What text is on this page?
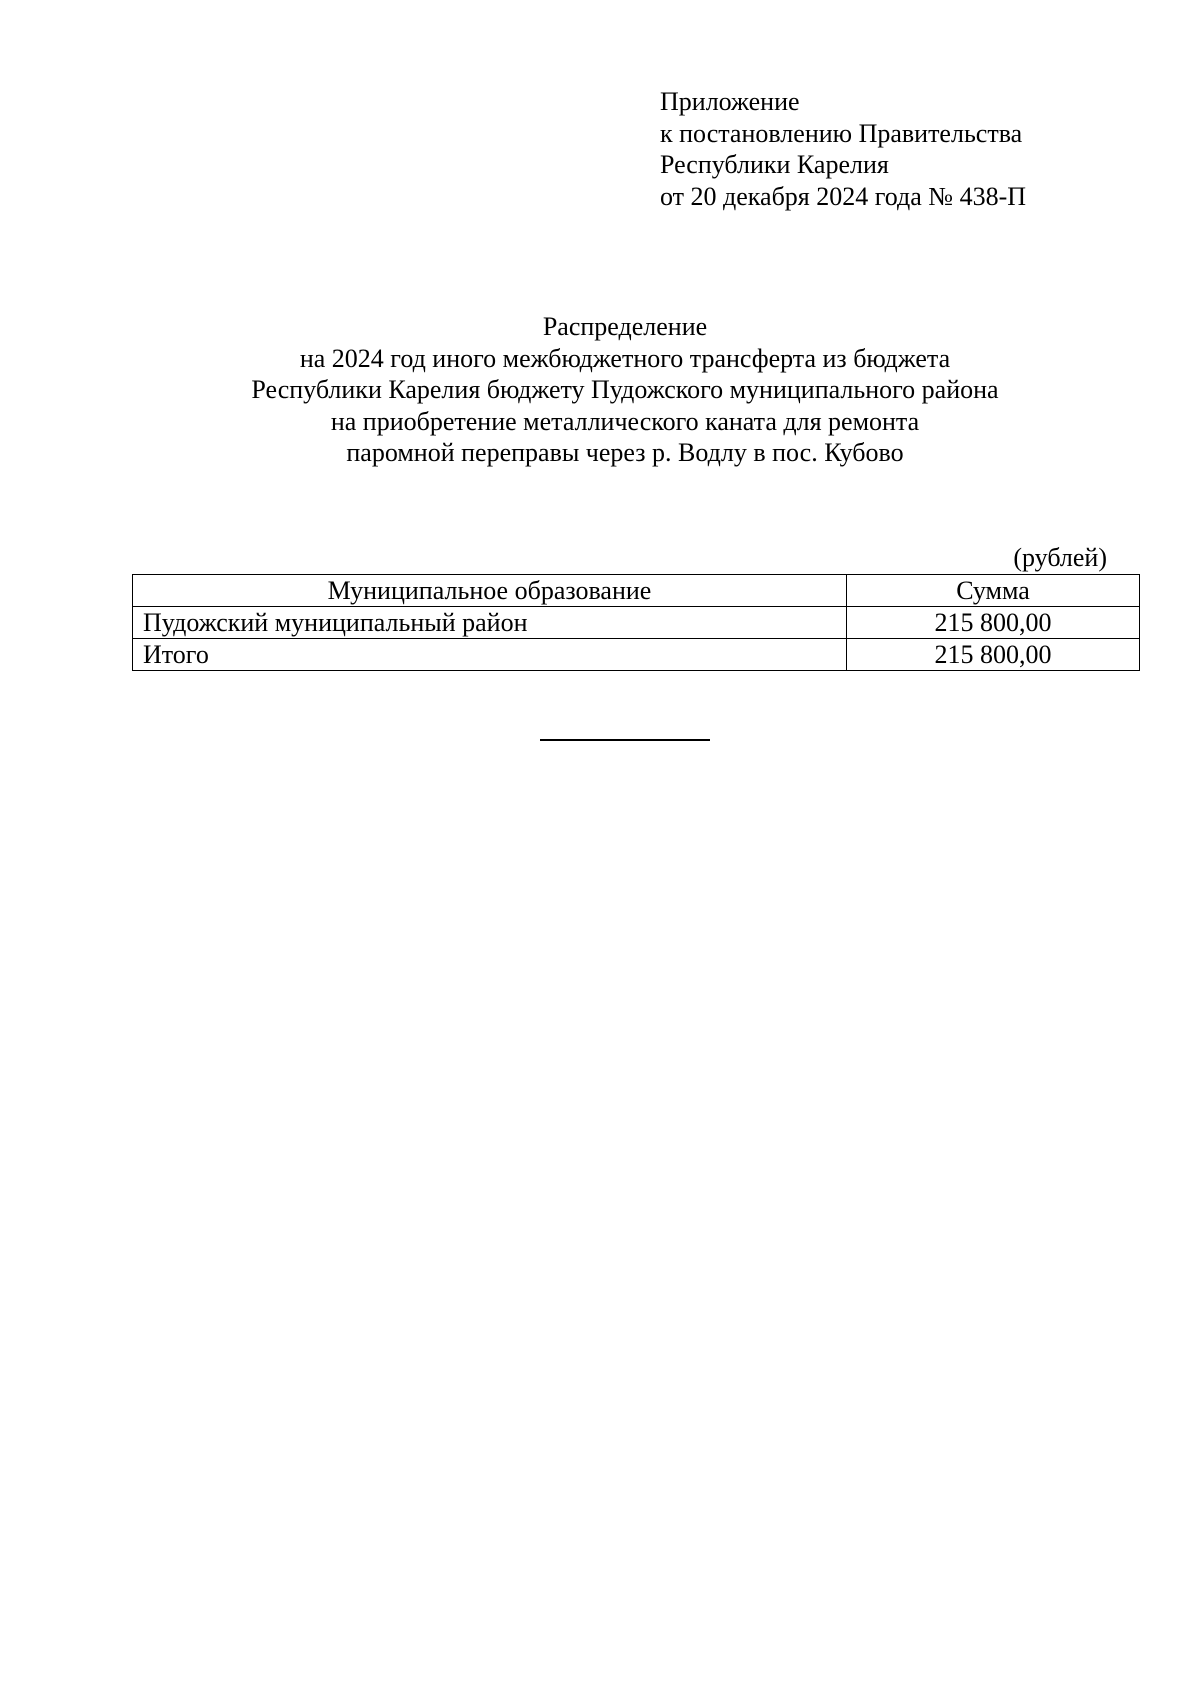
Приложение
к постановлению Правительства
Республики Карелия
от 20 декабря 2024 года № 438-П
Распределение
на 2024 год иного межбюджетного трансферта из бюджета
Республики Карелия бюджету Пудожского муниципального района
на приобретение металлического каната для ремонта
паромной переправы через р. Водлу в пос. Кубово
(рублей)
Муниципальное образование	Сумма
Пудожский муниципальный район	215 800,00
Итого	215 800,00
